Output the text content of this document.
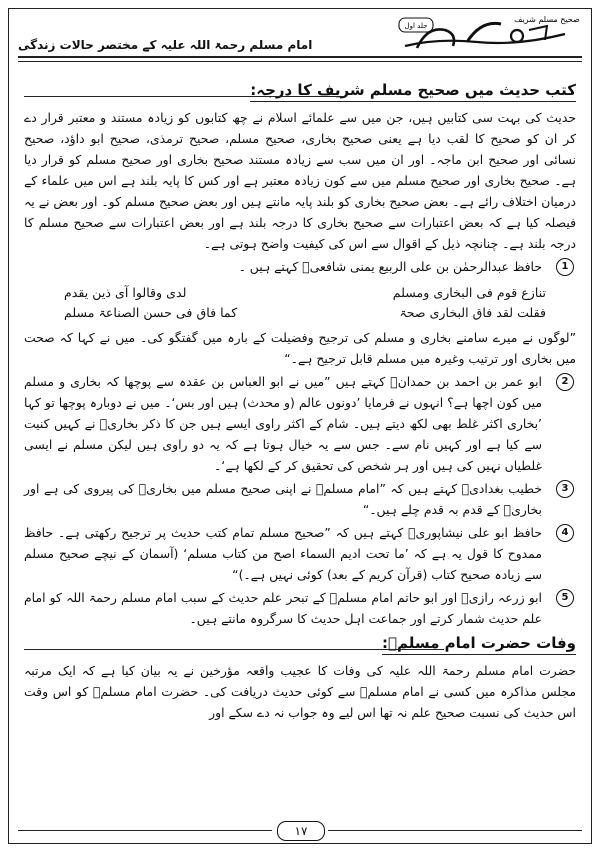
امام مسلم رحمۃ اللہ علیہ کے مختصر حالات زندگی
جلد اول
صحیح مسلم شریف
کتب حدیث میں صحیح مسلم شریف کا درجہ:

حدیث کی بہت سی کتابیں ہیں، جن میں سے علمائے اسلام نے چھ کتابوں کو زیادہ مستند و معتبر قرار دے کر ان کو صحیح کا لقب دیا ہے یعنی صحیح بخاری، صحیح مسلم، صحیح ترمذی، صحیح ابو داؤد، صحیح نسائی اور صحیح ابن ماجہ۔ اور ان میں سب سے زیادہ مستند صحیح بخاری اور صحیح مسلم کو قرار دیا ہے۔ صحیح بخاری اور صحیح مسلم میں سے کون زیادہ معتبر ہے اور کس کا پایہ بلند ہے اس میں علماء کے درمیان اختلاف رائے ہے۔ بعض صحیح بخاری کو بلند پایہ مانتے ہیں اور بعض صحیح مسلم کو۔ اور بعض نے یہ فیصلہ کیا ہے کہ بعض اعتبارات سے صحیح بخاری کا درجہ بلند ہے اور بعض اعتبارات سے صحیح مسلم کا درجہ بلند ہے۔ چنانچہ ذیل کے اقوال سے اس کی کیفیت واضح ہوتی ہے۔

1
حافظ عبدالرحمٰن بن علی الربیع یمنی شافعیؒ کہتے ہیں ۔
تنازع قوم فی البخاری ومسلم
لدی وقالوا آی ذین یقدم
فقلت لقد فاق البخاری صحۃ
کما فاق فی حسن الصناعۃ مسلم

”لوگوں نے میرے سامنے بخاری و مسلم کی ترجیح وفضیلت کے بارہ میں گفتگو کی۔ میں نے کہا کہ صحت میں بخاری اور ترتیب وغیرہ میں مسلم قابل ترجیح ہے۔“

2
ابو عمر بن احمد بن حمدانؒ کہتے ہیں ”میں نے ابو العباس بن عقدہ سے پوچھا کہ بخاری و مسلم میں کون اچھا ہے؟ انہوں نے فرمایا ’دونوں عالم (و محدث) ہیں اور بس‘۔ میں نے دوبارہ پوچھا تو کہا ’بخاری اکثر غلط بھی لکھ دیتے ہیں۔ شام کے اکثر راوی ایسے ہیں جن کا ذکر بخاریؒ نے کہیں کنیت سے کیا ہے اور کہیں نام سے۔ جس سے یہ خیال ہوتا ہے کہ یہ دو راوی ہیں لیکن مسلم نے ایسی غلطیاں نہیں کی ہیں اور ہر شخص کی تحقیق کر کے لکھا ہے‘۔
3
خطیب بغدادیؒ کہتے ہیں کہ ”امام مسلمؒ نے اپنی صحیح مسلم میں بخاریؒ کی پیروی کی ہے اور بخاریؒ کے قدم بہ قدم چلے ہیں۔“
4
حافظ ابو علی نیشاپوریؒ کہتے ہیں کہ ”صحیح مسلم تمام کتب حدیث پر ترجیح رکھتی ہے۔ حافظ ممدوح کا قول یہ ہے کہ ’ما تحت ادیم السماء اصح من کتاب مسلم‘ (آسمان کے نیچے صحیح مسلم سے زیادہ صحیح کتاب (قرآن کریم کے بعد) کوئی نہیں ہے۔)“
5
ابو زرعہ رازیؒ اور ابو حاتم امام مسلمؒ کے تبحر علم حدیث کے سبب امام مسلم رحمۃ اللہ کو امام علم حدیث شمار کرتے اور جماعت اہل حدیث کا سرگروہ مانتے ہیں۔
وفات حضرت امام مسلمؒ:

حضرت امام مسلم رحمۃ اللہ علیہ کی وفات کا عجیب واقعہ مؤرخین نے یہ بیان کیا ہے کہ ایک مرتبہ مجلس مذاکرہ میں کسی نے امام مسلمؒ سے کوئی حدیث دریافت کی۔ حضرت امام مسلمؒ کو اس وقت اس حدیث کی نسبت صحیح علم نہ تھا اس لیے وہ جواب نہ دے سکے اور

۱۷
